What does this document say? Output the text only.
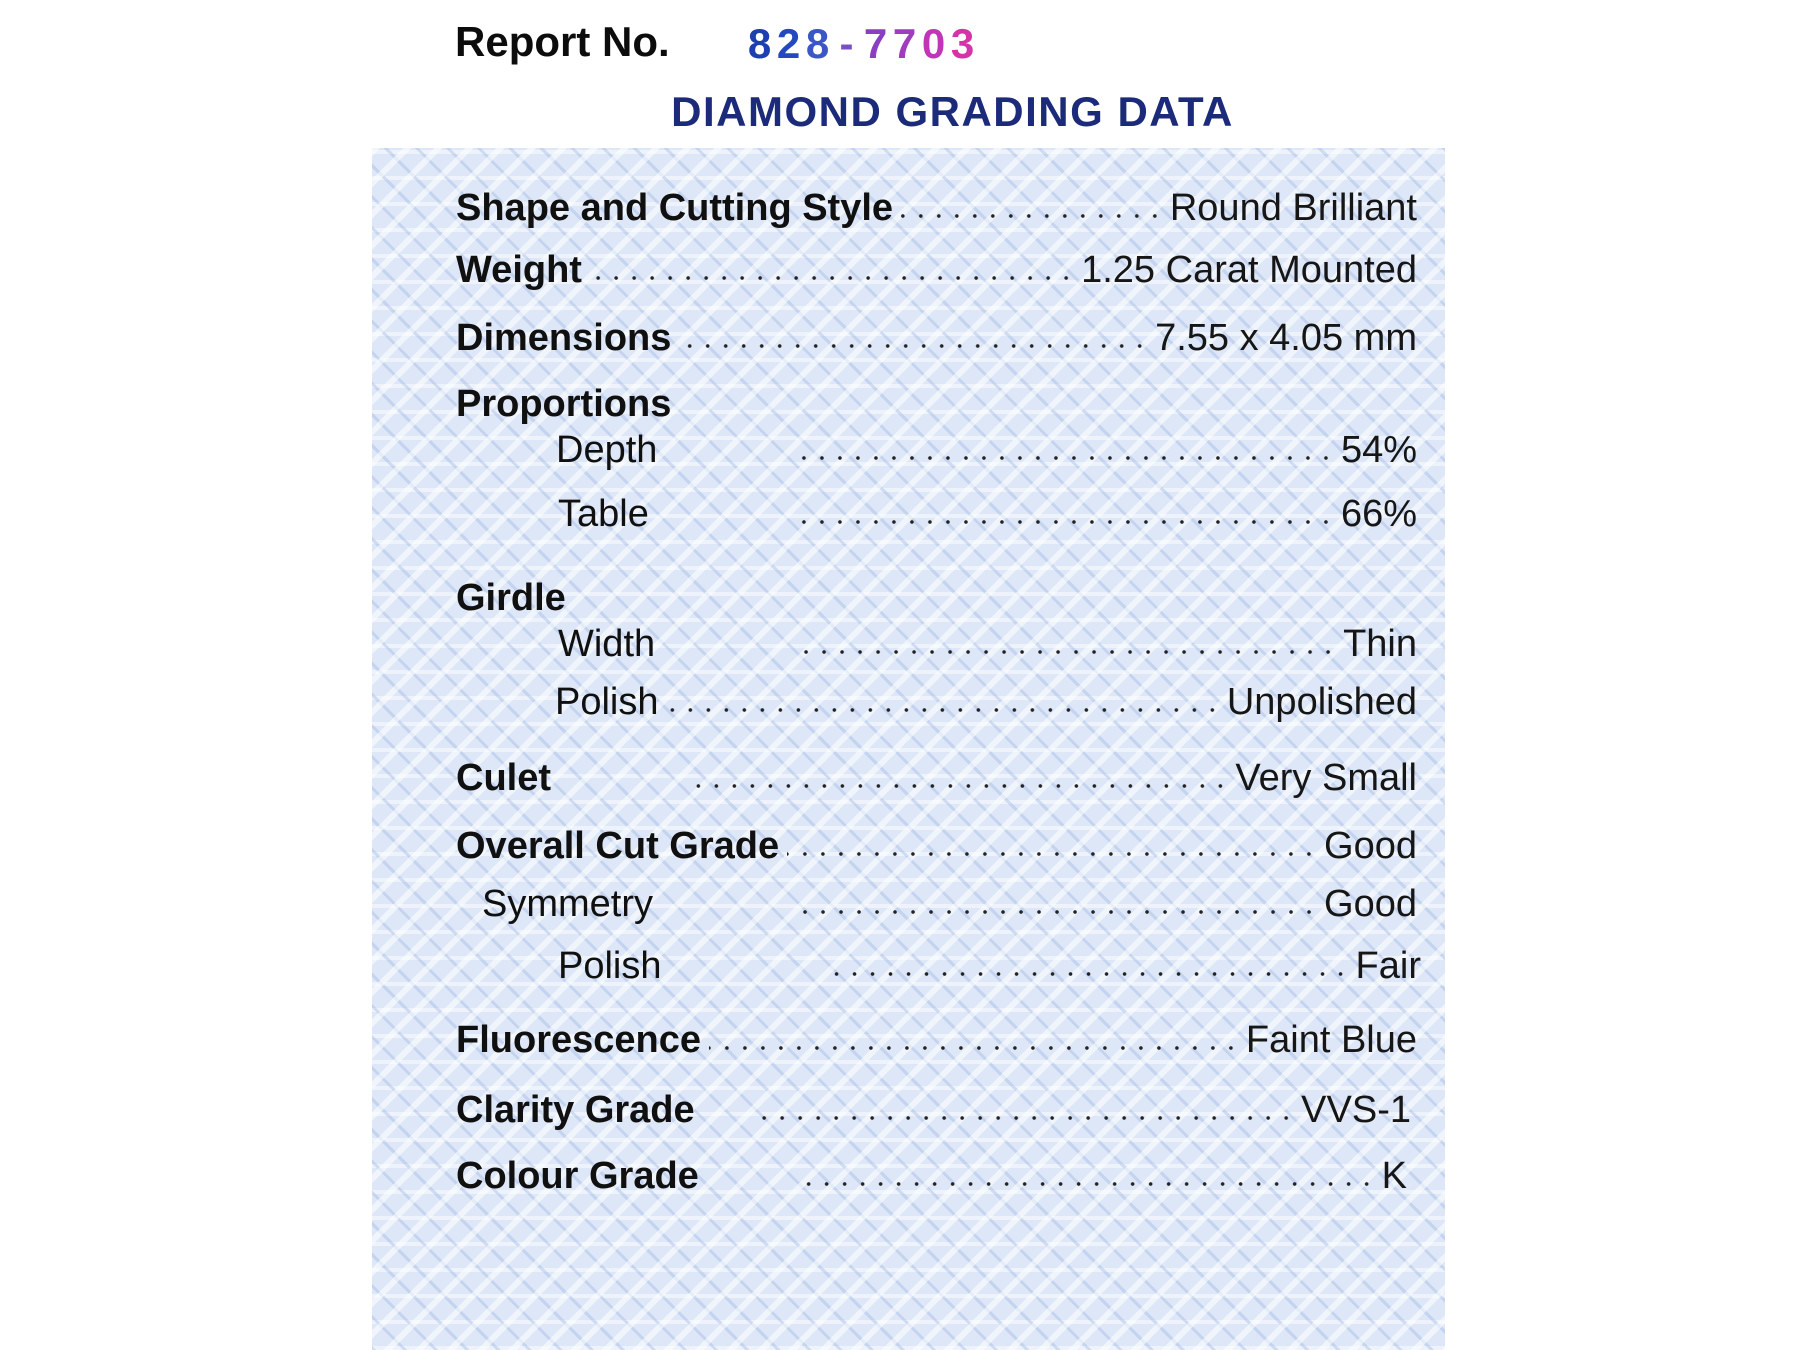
Report No. 8 2 8 - 7 7 0 3
DIAMOND GRADING DATA
Shape and Cutting Style	Round Brilliant
Weight	1.25 Carat Mounted
Dimensions	7.55 x 4.05 mm
Proportions
Depth	54%
Table	66%
Girdle
Width	Thin
Polish	Unpolished
Culet	Very Small
Overall Cut Grade	Good
Symmetry	Good
Polish	Fair
Fluorescence	Faint Blue
Clarity Grade	VVS-1
Colour Grade	K
